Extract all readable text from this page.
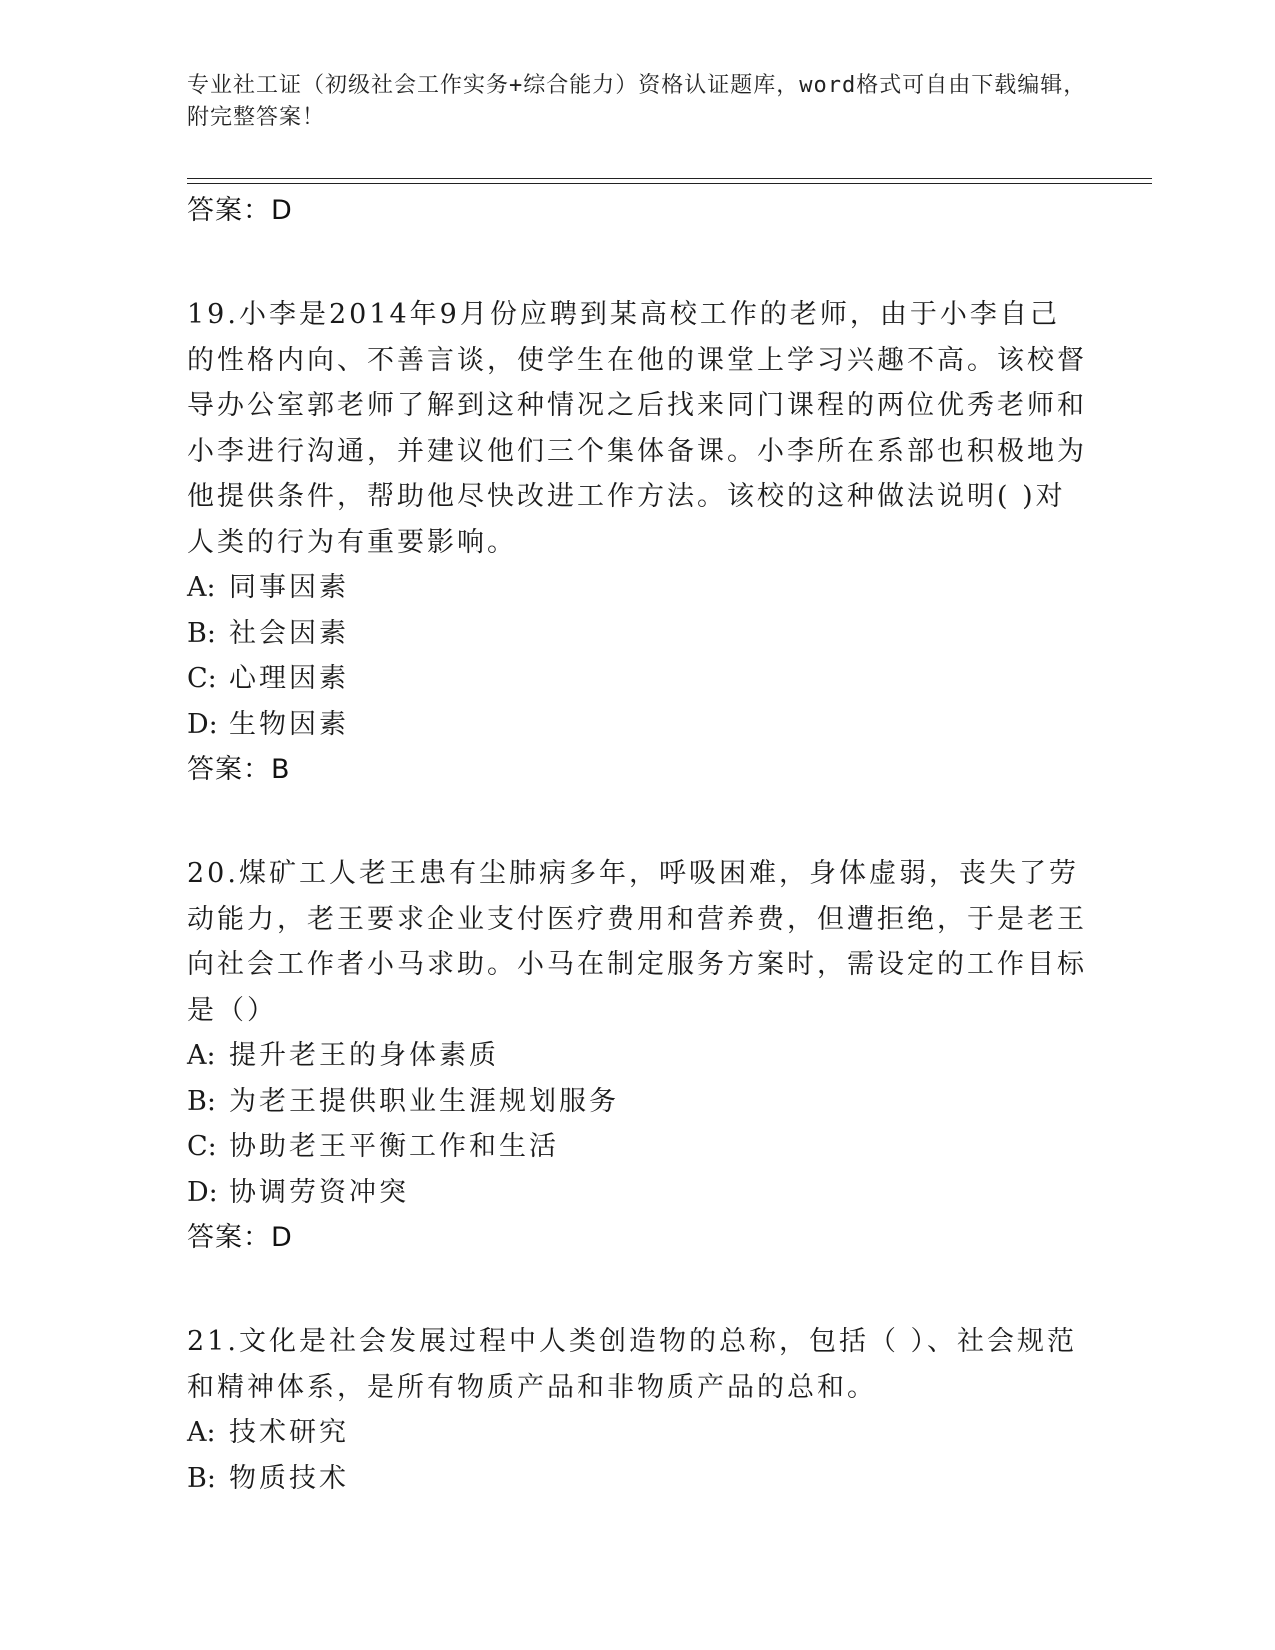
专业社工证（初级社会工作实务+综合能力）资格认证题库，word格式可自由下载编辑，附完整答案！
答案：D
19.小李是2014年9月份应聘到某高校工作的老师，由于小李自己的性格内向、不善言谈，使学生在他的课堂上学习兴趣不高。该校督导办公室郭老师了解到这种情况之后找来同门课程的两位优秀老师和小李进行沟通，并建议他们三个集体备课。小李所在系部也积极地为他提供条件，帮助他尽快改进工作方法。该校的这种做法说明( )对人类的行为有重要影响。
A: 同事因素
B: 社会因素
C: 心理因素
D: 生物因素
答案：B
20.煤矿工人老王患有尘肺病多年，呼吸困难，身体虚弱，丧失了劳动能力，老王要求企业支付医疗费用和营养费，但遭拒绝，于是老王向社会工作者小马求助。小马在制定服务方案时，需设定的工作目标是（）
A: 提升老王的身体素质
B: 为老王提供职业生涯规划服务
C: 协助老王平衡工作和生活
D: 协调劳资冲突
答案：D
21.文化是社会发展过程中人类创造物的总称，包括（ ）、社会规范和精神体系，是所有物质产品和非物质产品的总和。
A: 技术研究
B: 物质技术
